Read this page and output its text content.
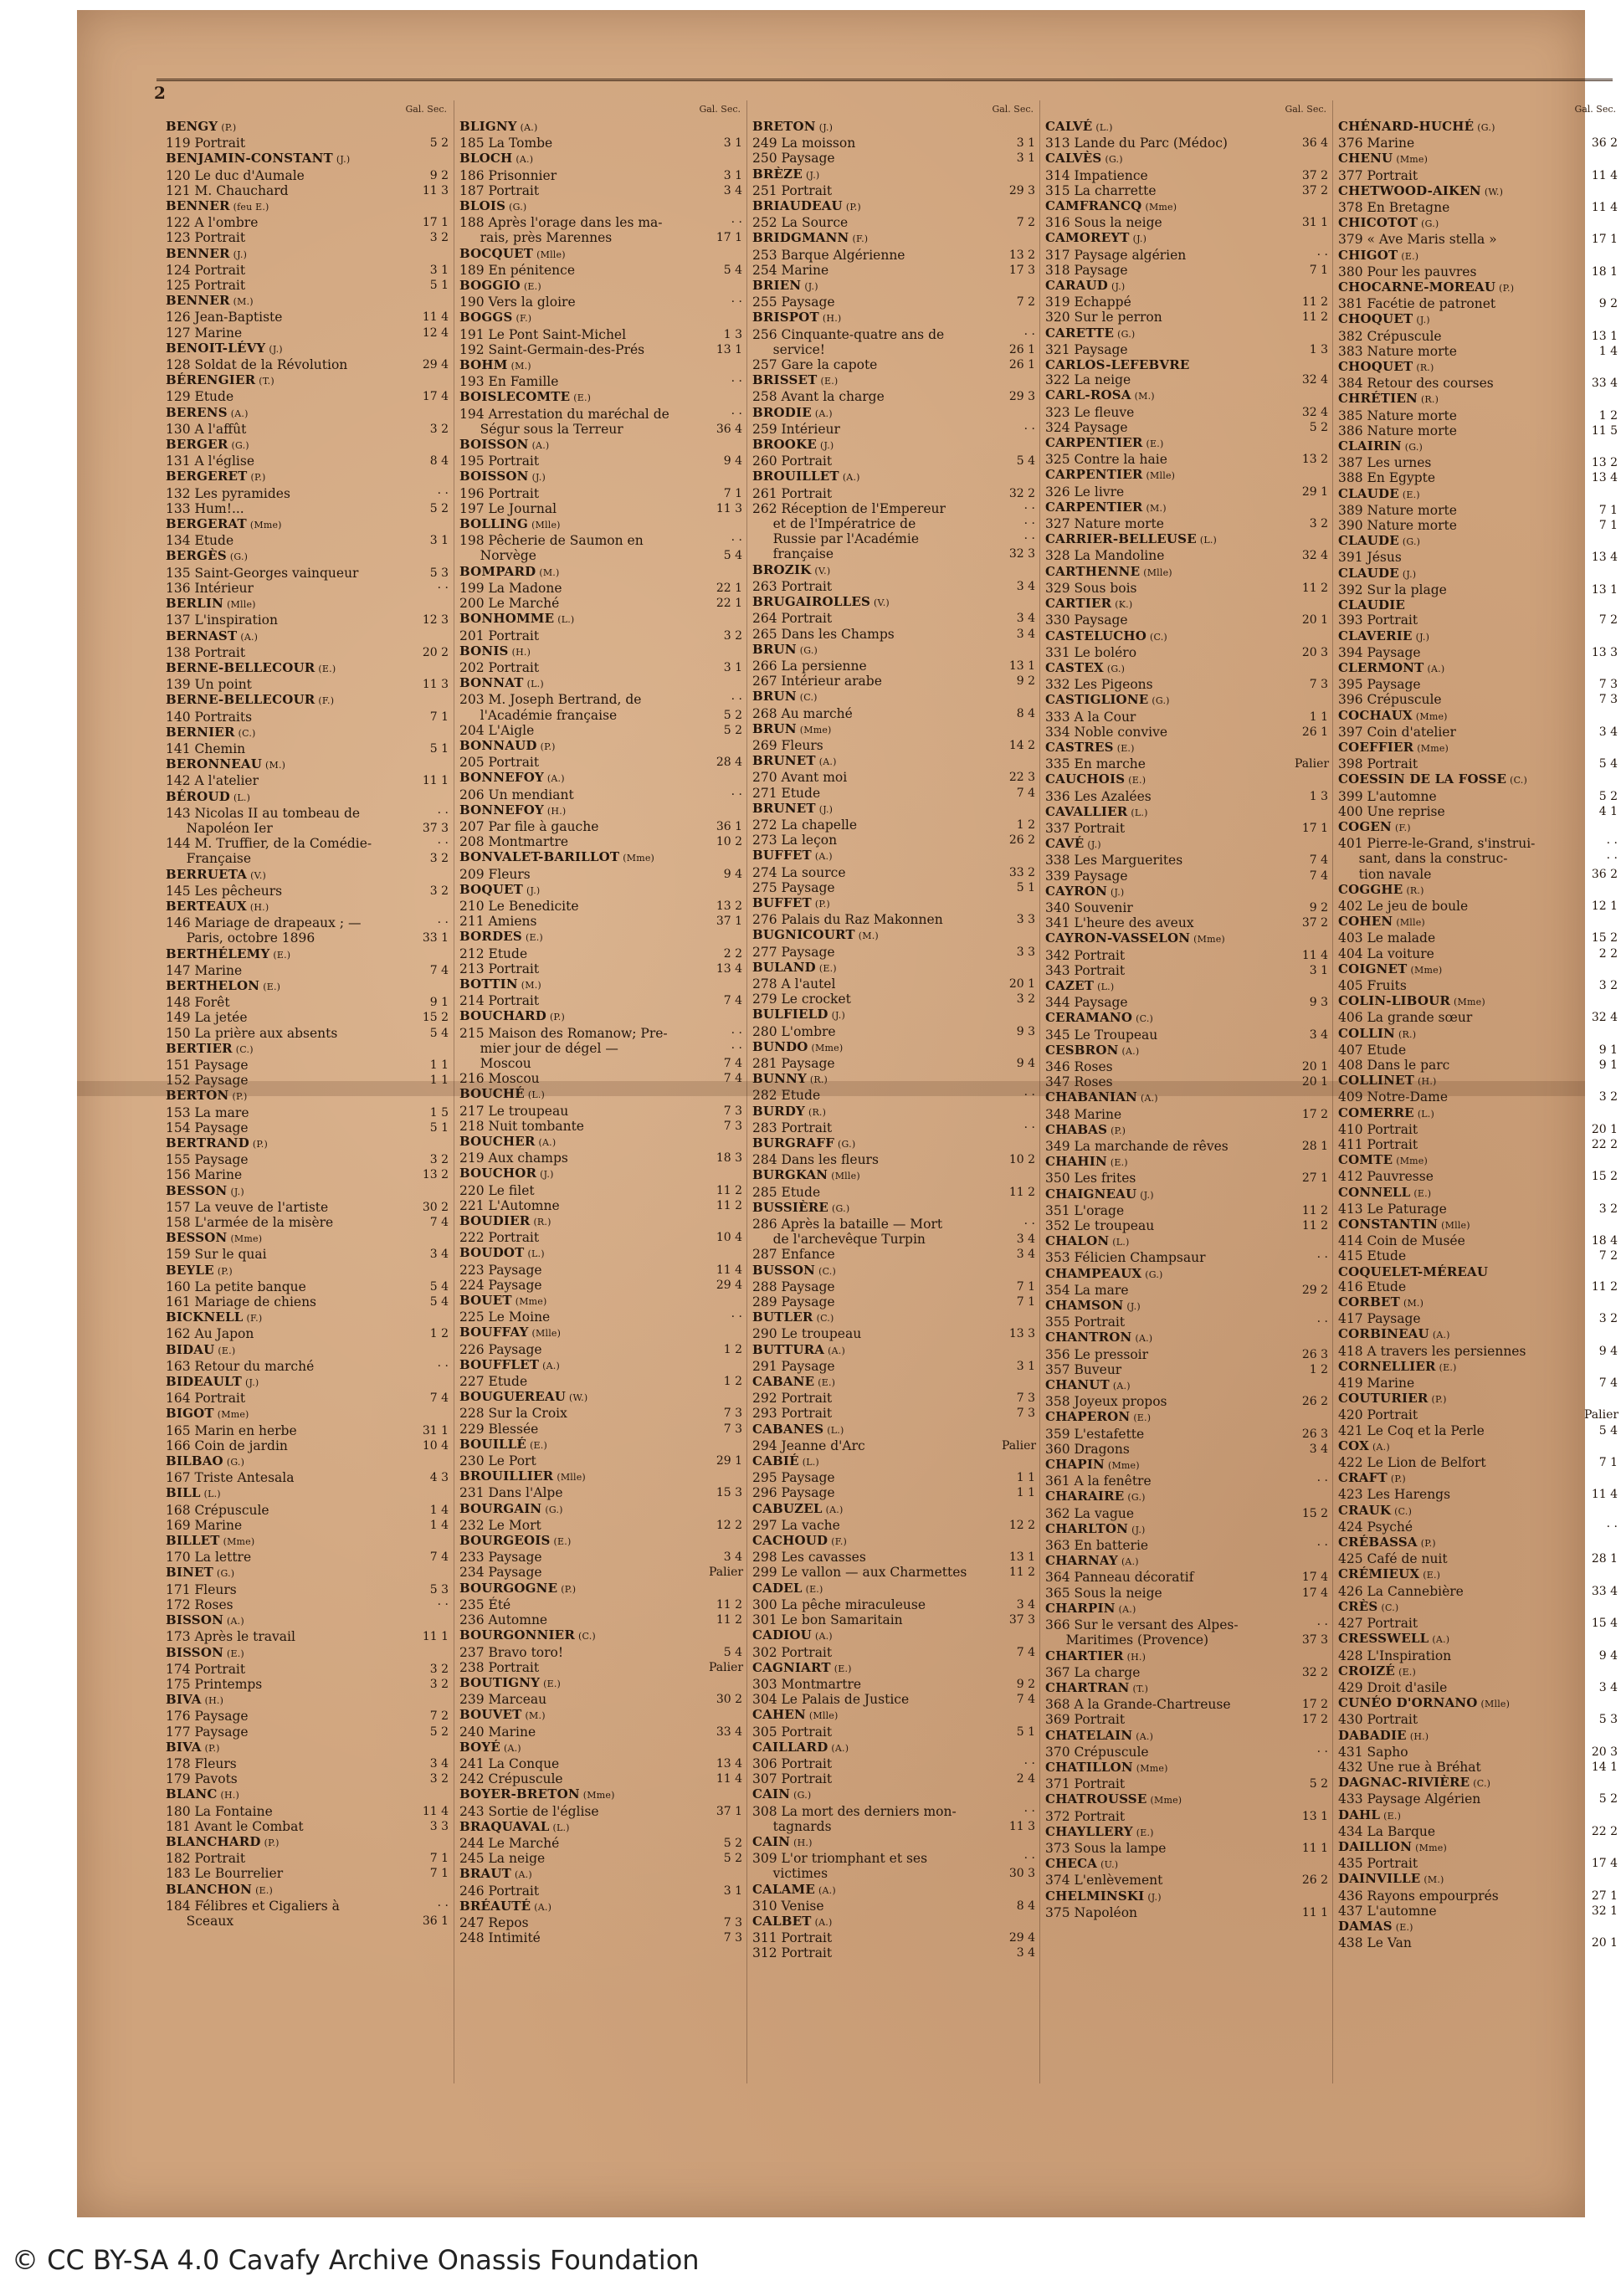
2
Gal. Sec.
BENGY (P.)
119 Portrait	5 2
BENJAMIN-CONSTANT (J.)
120 Le duc d'Aumale	9 2
121 M. Chauchard	11 3
BENNER (feu E.)
122 A l'ombre	17 1
123 Portrait	3 2
BENNER (J.)
124 Portrait	3 1
125 Portrait	5 1
BENNER (M.)
126 Jean-Baptiste	11 4
127 Marine	12 4
BENOIT-LÉVY (J.)
128 Soldat de la Révolution	29 4
BÉRENGIER (T.)
129 Etude	17 4
BERENS (A.)
130 A l'affût	3 2
BERGER (G.)
131 A l'église	8 4
BERGERET (P.)
132 Les pyramides	· ·
133 Hum!...	5 2
BERGERAT (Mme)
134 Etude	3 1
BERGÈS (G.)
135 Saint-Georges vainqueur	5 3
136 Intérieur	· ·
BERLIN (Mlle)
137 L'inspiration	12 3
BERNAST (A.)
138 Portrait	20 2
BERNE-BELLECOUR (E.)
139 Un point	11 3
BERNE-BELLECOUR (F.)
140 Portraits	7 1
BERNIER (C.)
141 Chemin	5 1
BERONNEAU (M.)
142 A l'atelier	11 1
BÉROUD (L.)
143 Nicolas II au tombeau de	· ·
Napoléon Ier	37 3
144 M. Truffier, de la Comédie-	· ·
Française	3 2
BERRUETA (V.)
145 Les pêcheurs	3 2
BERTEAUX (H.)
146 Mariage de drapeaux ; —	· ·
Paris, octobre 1896	33 1
BERTHÉLEMY (E.)
147 Marine	7 4
BERTHELON (E.)
148 Forêt	9 1
149 La jetée	15 2
150 La prière aux absents	5 4
BERTIER (C.)
151 Paysage	1 1
152 Paysage	1 1
BERTON (P.)
153 La mare	1 5
154 Paysage	5 1
BERTRAND (P.)
155 Paysage	3 2
156 Marine	13 2
BESSON (J.)
157 La veuve de l'artiste	30 2
158 L'armée de la misère	7 4
BESSON (Mme)
159 Sur le quai	3 4
BEYLE (P.)
160 La petite banque	5 4
161 Mariage de chiens	5 4
BICKNELL (F.)
162 Au Japon	1 2
BIDAU (E.)
163 Retour du marché	· ·
BIDEAULT (J.)
164 Portrait	7 4
BIGOT (Mme)
165 Marin en herbe	31 1
166 Coin de jardin	10 4
BILBAO (G.)
167 Triste Antesala	4 3
BILL (L.)
168 Crépuscule	1 4
169 Marine	1 4
BILLET (Mme)
170 La lettre	7 4
BINET (G.)
171 Fleurs	5 3
172 Roses	· ·
BISSON (A.)
173 Après le travail	11 1
BISSON (E.)
174 Portrait	3 2
175 Printemps	3 2
BIVA (H.)
176 Paysage	7 2
177 Paysage	5 2
BIVA (P.)
178 Fleurs	3 4
179 Pavots	3 2
BLANC (H.)
180 La Fontaine	11 4
181 Avant le Combat	3 3
BLANCHARD (P.)
182 Portrait	7 1
183 Le Bourrelier	7 1
BLANCHON (E.)
184 Félibres et Cigaliers à	· ·
Sceaux	36 1
Gal. Sec.
BLIGNY (A.)
185 La Tombe	3 1
BLOCH (A.)
186 Prisonnier	3 1
187 Portrait	3 4
BLOIS (G.)
188 Après l'orage dans les ma-	· ·
rais, près Marennes	17 1
BOCQUET (Mlle)
189 En pénitence	5 4
BOGGIO (E.)
190 Vers la gloire	· ·
BOGGS (F.)
191 Le Pont Saint-Michel	1 3
192 Saint-Germain-des-Prés	13 1
BOHM (M.)
193 En Famille	· ·
BOISLECOMTE (E.)
194 Arrestation du maréchal de	· ·
Ségur sous la Terreur	36 4
BOISSON (A.)
195 Portrait	9 4
BOISSON (J.)
196 Portrait	7 1
197 Le Journal	11 3
BOLLING (Mlle)
198 Pêcherie de Saumon en	· ·
Norvège	5 4
BOMPARD (M.)
199 La Madone	22 1
200 Le Marché	22 1
BONHOMME (L.)
201 Portrait	3 2
BONIS (H.)
202 Portrait	3 1
BONNAT (L.)
203 M. Joseph Bertrand, de	· ·
l'Académie française	5 2
204 L'Aigle	5 2
BONNAUD (P.)
205 Portrait	28 4
BONNEFOY (A.)
206 Un mendiant	· ·
BONNEFOY (H.)
207 Par file à gauche	36 1
208 Montmartre	10 2
BONVALET-BARILLOT (Mme)
209 Fleurs	9 4
BOQUET (J.)
210 Le Benedicite	13 2
211 Amiens	37 1
BORDES (E.)
212 Etude	2 2
213 Portrait	13 4
BOTTIN (M.)
214 Portrait	7 4
BOUCHARD (P.)
215 Maison des Romanow; Pre-	· ·
mier jour de dégel —	· ·
Moscou	7 4
216 Moscou	7 4
BOUCHÉ (L.)
217 Le troupeau	7 3
218 Nuit tombante	7 3
BOUCHER (A.)
219 Aux champs	18 3
BOUCHOR (J.)
220 Le filet	11 2
221 L'Automne	11 2
BOUDIER (R.)
222 Portrait	10 4
BOUDOT (L.)
223 Paysage	11 4
224 Paysage	29 4
BOUET (Mme)
225 Le Moine	· ·
BOUFFAY (Mlle)
226 Paysage	1 2
BOUFFLET (A.)
227 Etude	1 2
BOUGUEREAU (W.)
228 Sur la Croix	7 3
229 Blessée	7 3
BOUILLÉ (E.)
230 Le Port	29 1
BROUILLIER (Mlle)
231 Dans l'Alpe	15 3
BOURGAIN (G.)
232 Le Mort	12 2
BOURGEOIS (E.)
233 Paysage	3 4
234 Paysage	Palier
BOURGOGNE (P.)
235 Été	11 2
236 Automne	11 2
BOURGONNIER (C.)
237 Bravo toro!	5 4
238 Portrait	Palier
BOUTIGNY (E.)
239 Marceau	30 2
BOUVET (M.)
240 Marine	33 4
BOYÉ (A.)
241 La Conque	13 4
242 Crépuscule	11 4
BOYER-BRETON (Mme)
243 Sortie de l'église	37 1
BRAQUAVAL (L.)
244 Le Marché	5 2
245 La neige	5 2
BRAUT (A.)
246 Portrait	3 1
BRÉAUTÉ (A.)
247 Repos	7 3
248 Intimité	7 3
Gal. Sec.
BRETON (J.)
249 La moisson	3 1
250 Paysage	3 1
BRÈZE (J.)
251 Portrait	29 3
BRIAUDEAU (P.)
252 La Source	7 2
BRIDGMANN (F.)
253 Barque Algérienne	13 2
254 Marine	17 3
BRIEN (J.)
255 Paysage	7 2
BRISPOT (H.)
256 Cinquante-quatre ans de	· ·
service!	26 1
257 Gare la capote	26 1
BRISSET (E.)
258 Avant la charge	29 3
BRODIE (A.)
259 Intérieur	· ·
BROOKE (J.)
260 Portrait	5 4
BROUILLET (A.)
261 Portrait	32 2
262 Réception de l'Empereur	· ·
et de l'Impératrice de	· ·
Russie par l'Académie	· ·
française	32 3
BROZIK (V.)
263 Portrait	3 4
BRUGAIROLLES (V.)
264 Portrait	3 4
265 Dans les Champs	3 4
BRUN (G.)
266 La persienne	13 1
267 Intérieur arabe	9 2
BRUN (C.)
268 Au marché	8 4
BRUN (Mme)
269 Fleurs	14 2
BRUNET (A.)
270 Avant moi	22 3
271 Etude	7 4
BRUNET (J.)
272 La chapelle	1 2
273 La leçon	26 2
BUFFET (A.)
274 La source	33 2
275 Paysage	5 1
BUFFET (P.)
276 Palais du Raz Makonnen	3 3
BUGNICOURT (M.)
277 Paysage	3 3
BULAND (E.)
278 A l'autel	20 1
279 Le crocket	3 2
BULFIELD (J.)
280 L'ombre	9 3
BUNDO (Mme)
281 Paysage	9 4
BUNNY (R.)
282 Etude	· ·
BURDY (R.)
283 Portrait	· ·
BURGRAFF (G.)
284 Dans les fleurs	10 2
BURGKAN (Mlle)
285 Etude	11 2
BUSSIÈRE (G.)
286 Après la bataille — Mort	· ·
de l'archevêque Turpin	3 4
287 Enfance	3 4
BUSSON (C.)
288 Paysage	7 1
289 Paysage	7 1
BUTLER (C.)
290 Le troupeau	13 3
BUTTURA (A.)
291 Paysage	3 1
CABANE (E.)
292 Portrait	7 3
293 Portrait	7 3
CABANES (L.)
294 Jeanne d'Arc	Palier
CABIÉ (L.)
295 Paysage	1 1
296 Paysage	1 1
CABUZEL (A.)
297 La vache	12 2
CACHOUD (F.)
298 Les cavasses	13 1
299 Le vallon — aux Charmettes	11 2
CADEL (E.)
300 La pêche miraculeuse	3 4
301 Le bon Samaritain	37 3
CADIOU (A.)
302 Portrait	7 4
CAGNIART (E.)
303 Montmartre	9 2
304 Le Palais de Justice	7 4
CAHEN (Mlle)
305 Portrait	5 1
CAILLARD (A.)
306 Portrait	· ·
307 Portrait	2 4
CAIN (G.)
308 La mort des derniers mon-	· ·
tagnards	11 3
CAIN (H.)
309 L'or triomphant et ses	· ·
victimes	30 3
CALAME (A.)
310 Venise	8 4
CALBET (A.)
311 Portrait	29 4
312 Portrait	3 4
Gal. Sec.
CALVÉ (L.)
313 Lande du Parc (Médoc)	36 4
CALVÈS (G.)
314 Impatience	37 2
315 La charrette	37 2
CAMFRANCQ (Mme)
316 Sous la neige	31 1
CAMOREYT (J.)
317 Paysage algérien	· ·
318 Paysage	7 1
CARAUD (J.)
319 Echappé	11 2
320 Sur le perron	11 2
CARETTE (G.)
321 Paysage	1 3
CARLOS-LEFEBVRE
322 La neige	32 4
CARL-ROSA (M.)
323 Le fleuve	32 4
324 Paysage	5 2
CARPENTIER (E.)
325 Contre la haie	13 2
CARPENTIER (Mlle)
326 Le livre	29 1
CARPENTIER (M.)
327 Nature morte	3 2
CARRIER-BELLEUSE (L.)
328 La Mandoline	32 4
CARTHENNE (Mlle)
329 Sous bois	11 2
CARTIER (K.)
330 Paysage	20 1
CASTELUCHO (C.)
331 Le boléro	20 3
CASTEX (G.)
332 Les Pigeons	7 3
CASTIGLIONE (G.)
333 A la Cour	1 1
334 Noble convive	26 1
CASTRES (E.)
335 En marche	Palier
CAUCHOIS (E.)
336 Les Azalées	1 3
CAVALLIER (L.)
337 Portrait	17 1
CAVÉ (J.)
338 Les Marguerites	7 4
339 Paysage	7 4
CAYRON (J.)
340 Souvenir	9 2
341 L'heure des aveux	37 2
CAYRON-VASSELON (Mme)
342 Portrait	11 4
343 Portrait	3 1
CAZET (L.)
344 Paysage	9 3
CERAMANO (C.)
345 Le Troupeau	3 4
CESBRON (A.)
346 Roses	20 1
347 Roses	20 1
CHABANIAN (A.)
348 Marine	17 2
CHABAS (P.)
349 La marchande de rêves	28 1
CHAHIN (E.)
350 Les frites	27 1
CHAIGNEAU (J.)
351 L'orage	11 2
352 Le troupeau	11 2
CHALON (L.)
353 Félicien Champsaur	· ·
CHAMPEAUX (G.)
354 La mare	29 2
CHAMSON (J.)
355 Portrait	· ·
CHANTRON (A.)
356 Le pressoir	26 3
357 Buveur	1 2
CHANUT (A.)
358 Joyeux propos	26 2
CHAPERON (E.)
359 L'estafette	26 3
360 Dragons	3 4
CHAPIN (Mme)
361 A la fenêtre	· ·
CHARAIRE (G.)
362 La vague	15 2
CHARLTON (J.)
363 En batterie	· ·
CHARNAY (A.)
364 Panneau décoratif	17 4
365 Sous la neige	17 4
CHARPIN (A.)
366 Sur le versant des Alpes-	· ·
Maritimes (Provence)	37 3
CHARTIER (H.)
367 La charge	32 2
CHARTRAN (T.)
368 A la Grande-Chartreuse	17 2
369 Portrait	17 2
CHATELAIN (A.)
370 Crépuscule	· ·
CHATILLON (Mme)
371 Portrait	5 2
CHATROUSSE (Mme)
372 Portrait	13 1
CHAYLLERY (E.)
373 Sous la lampe	11 1
CHECA (U.)
374 L'enlèvement	26 2
CHELMINSKI (J.)
375 Napoléon	11 1
Gal. Sec.
CHÉNARD-HUCHÉ (G.)
376 Marine	36 2
CHENU (Mme)
377 Portrait	11 4
CHETWOOD-AIKEN (W.)
378 En Bretagne	11 4
CHICOTOT (G.)
379 « Ave Maris stella »	17 1
CHIGOT (E.)
380 Pour les pauvres	18 1
CHOCARNE-MOREAU (P.)
381 Facétie de patronet	9 2
CHOQUET (J.)
382 Crépuscule	13 1
383 Nature morte	1 4
CHOQUET (R.)
384 Retour des courses	33 4
CHRÉTIEN (R.)
385 Nature morte	1 2
386 Nature morte	11 5
CLAIRIN (G.)
387 Les urnes	13 2
388 En Egypte	13 4
CLAUDE (E.)
389 Nature morte	7 1
390 Nature morte	7 1
CLAUDE (G.)
391 Jésus	13 4
CLAUDE (J.)
392 Sur la plage	13 1
CLAUDIE
393 Portrait	7 2
CLAVERIE (J.)
394 Paysage	13 3
CLERMONT (A.)
395 Paysage	7 3
396 Crépuscule	7 3
COCHAUX (Mme)
397 Coin d'atelier	3 4
COEFFIER (Mme)
398 Portrait	5 4
COESSIN DE LA FOSSE (C.)
399 L'automne	5 2
400 Une reprise	4 1
COGEN (F.)
401 Pierre-le-Grand, s'instrui-	· ·
sant, dans la construc-	· ·
tion navale	36 2
COGGHE (R.)
402 Le jeu de boule	12 1
COHEN (Mlle)
403 Le malade	15 2
404 La voiture	2 2
COIGNET (Mme)
405 Fruits	3 2
COLIN-LIBOUR (Mme)
406 La grande sœur	32 4
COLLIN (R.)
407 Etude	9 1
408 Dans le parc	9 1
COLLINET (H.)
409 Notre-Dame	3 2
COMERRE (L.)
410 Portrait	20 1
411 Portrait	22 2
COMTE (Mme)
412 Pauvresse	15 2
CONNELL (E.)
413 Le Paturage	3 2
CONSTANTIN (Mlle)
414 Coin de Musée	18 4
415 Etude	7 2
COQUELET-MÉREAU
416 Etude	11 2
CORBET (M.)
417 Paysage	3 2
CORBINEAU (A.)
418 A travers les persiennes	9 4
CORNELLIER (E.)
419 Marine	7 4
COUTURIER (P.)
420 Portrait	Palier
421 Le Coq et la Perle	5 4
COX (A.)
422 Le Lion de Belfort	7 1
CRAFT (P.)
423 Les Harengs	11 4
CRAUK (C.)
424 Psyché	· ·
CRÉBASSA (P.)
425 Café de nuit	28 1
CRÉMIEUX (E.)
426 La Cannebière	33 4
CRÈS (C.)
427 Portrait	15 4
CRESSWELL (A.)
428 L'Inspiration	9 4
CROIZÉ (E.)
429 Droit d'asile	3 4
CUNÉO D'ORNANO (Mlle)
430 Portrait	5 3
DABADIE (H.)
431 Sapho	20 3
432 Une rue à Bréhat	14 1
DAGNAC-RIVIÈRE (C.)
433 Paysage Algérien	5 2
DAHL (E.)
434 La Barque	22 2
DAILLION (Mme)
435 Portrait	17 4
DAINVILLE (M.)
436 Rayons empourprés	27 1
437 L'automne	32 1
DAMAS (E.)
438 Le Van	20 1
© CC BY-SA 4.0 Cavafy Archive Onassis Foundation
